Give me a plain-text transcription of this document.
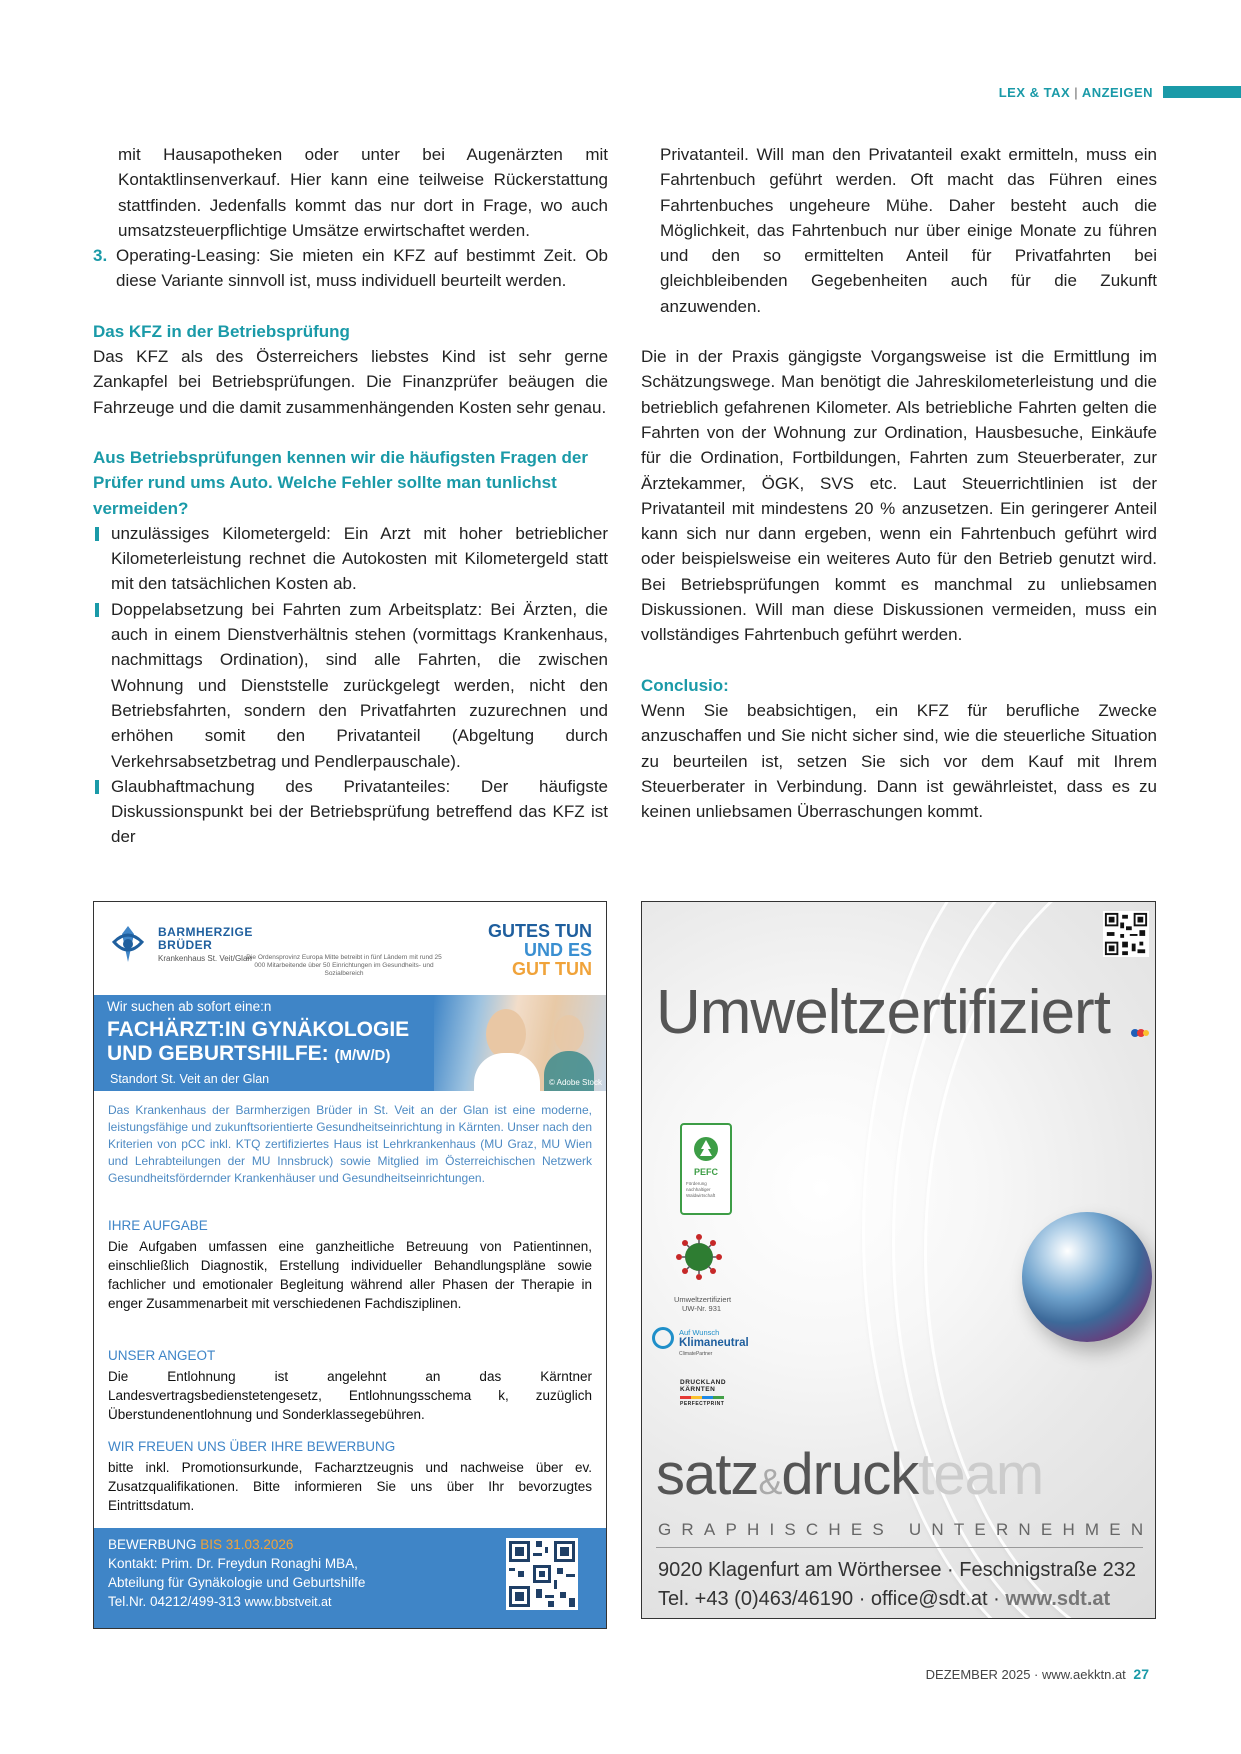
LEX & TAX | ANZEIGEN

mit Hausapotheken oder unter bei Augenärzten mit Kontaktlinsenverkauf. Hier kann eine teilweise Rückerstattung stattfinden. Jedenfalls kommt das nur dort in Frage, wo auch umsatzsteuerpflichtige Umsätze erwirtschaftet werden.

3. Operating-Leasing: Sie mieten ein KFZ auf bestimmt Zeit. Ob diese Variante sinnvoll ist, muss individuell beurteilt werden.

Das KFZ in der Betriebsprüfung

Das KFZ als des Österreichers liebstes Kind ist sehr gerne Zankapfel bei Betriebsprüfungen. Die Finanzprüfer beäugen die Fahrzeuge und die damit zusammenhängenden Kosten sehr genau.

Aus Betriebsprüfungen kennen wir die häufigsten Fragen der Prüfer rund ums Auto. Welche Fehler sollte man tunlichst vermeiden?

unzulässiges Kilometergeld: Ein Arzt mit hoher betrieblicher Kilometerleistung rechnet die Autokosten mit Kilometergeld statt mit den tatsächlichen Kosten ab.

Doppelabsetzung bei Fahrten zum Arbeitsplatz: Bei Ärzten, die auch in einem Dienstverhältnis stehen (vormittags Krankenhaus, nachmittags Ordination), sind alle Fahrten, die zwischen Wohnung und Dienststelle zurückgelegt werden, nicht den Betriebsfahrten, sondern den Privatfahrten zuzurechnen und erhöhen somit den Privatanteil (Abgeltung durch Verkehrsabsetzbetrag und Pendlerpauschale).

Glaubhaftmachung des Privatanteiles: Der häufigste Diskussionspunkt bei der Betriebsprüfung betreffend das KFZ ist der

Privatanteil. Will man den Privatanteil exakt ermitteln, muss ein Fahrtenbuch geführt werden. Oft macht das Führen eines Fahrtenbuches ungeheure Mühe. Daher besteht auch die Möglichkeit, das Fahrtenbuch nur über einige Monate zu führen und den so ermittelten Anteil für Privatfahrten bei gleichbleibenden Gegebenheiten auch für die Zukunft anzuwenden.

Die in der Praxis gängigste Vorgangsweise ist die Ermittlung im Schätzungswege. Man benötigt die Jahreskilometerleistung und die betrieblich gefahrenen Kilometer. Als betriebliche Fahrten gelten die Fahrten von der Wohnung zur Ordination, Hausbesuche, Einkäufe für die Ordination, Fortbildungen, Fahrten zum Steuerberater, zur Ärztekammer, ÖGK, SVS etc. Laut Steuerrichtlinien ist der Privatanteil mit mindestens 20 % anzusetzen. Ein geringerer Anteil kann sich nur dann ergeben, wenn ein Fahrtenbuch geführt wird oder beispielsweise ein weiteres Auto für den Betrieb genutzt wird. Bei Betriebsprüfungen kommt es manchmal zu unliebsamen Diskussionen. Will man diese Diskussionen vermeiden, muss ein vollständiges Fahrtenbuch geführt werden.

Conclusio:

Wenn Sie beabsichtigen, ein KFZ für berufliche Zwecke anzuschaffen und Sie nicht sicher sind, wie die steuerliche Situation zu beurteilen ist, setzen Sie sich vor dem Kauf mit Ihrem Steuerberater in Verbindung. Dann ist gewährleistet, dass es zu keinen unliebsamen Überraschungen kommt.

BARMHERZIGE
BRÜDER
Krankenhaus St. Veit/Glan
Die Ordensprovinz Europa Mitte betreibt in fünf Ländern mit rund 25 000 Mitarbeitende über 50 Einrichtungen im Gesundheits- und Sozialbereich
GUTES TUN
UND ES
GUT TUN
© Adobe Stock
Wir suchen ab sofort eine:n
FACHÄRZT:IN GYNÄKOLOGIE
UND GEBURTSHILFE: (M/W/D)
Standort St. Veit an der Glan
Das Krankenhaus der Barmherzigen Brüder in St. Veit an der Glan ist eine moderne, leistungsfähige und zukunftsorientierte Gesundheitseinrichtung in Kärnten. Unser nach den Kriterien von pCC inkl. KTQ zertifiziertes Haus ist Lehrkrankenhaus (MU Graz, MU Wien und Lehrabteilungen der MU Innsbruck) sowie Mitglied im Österreichischen Netzwerk Gesundheitsfördernder Krankenhäuser und Gesundheitseinrichtungen.
IHRE AUFGABE
Die Aufgaben umfassen eine ganzheitliche Betreuung von Patientinnen, einschließlich Diagnostik, Erstellung individueller Behandlungspläne sowie fachlicher und emotionaler Begleitung während aller Phasen der Therapie in enger Zusammenarbeit mit verschiedenen Fachdisziplinen.
UNSER ANGEOT
Die Entlohnung ist angelehnt an das Kärntner Landesvertragsbedienstetengesetz, Entlohnungsschema k, zuzüglich Überstundenentlohnung und Sonderklassegebühren.
WIR FREUEN UNS ÜBER IHRE BEWERBUNG
bitte inkl. Promotionsurkunde, Facharztzeugnis und nachweise über ev. Zusatzqualifikationen. Bitte informieren Sie uns über Ihr bevorzugtes Eintrittsdatum.
BEWERBUNG BIS 31.03.2026
Kontakt: Prim. Dr. Freydun Ronaghi MBA,
Abteilung für Gynäkologie und Geburtshilfe
Tel.Nr. 04212/499-313 www.bbstveit.at
Umweltzertifiziert
PEFC
Förderung nachhaltiger Waldwirtschaft
Umweltzertifiziert
UW-Nr. 931
Auf Wunsch
Klimaneutral
ClimatePartner
DRUCKLAND
KÄRNTEN
PERFECTPRINT
satz&druckteam
GRAPHISCHES UNTERNEHMEN
9020 Klagenfurt am Wörthersee · Feschnigstraße 232
Tel. +43 (0)463/46190 · office@sdt.at · www.sdt.at
DEZEMBER 2025 · www.aekktn.at 27
